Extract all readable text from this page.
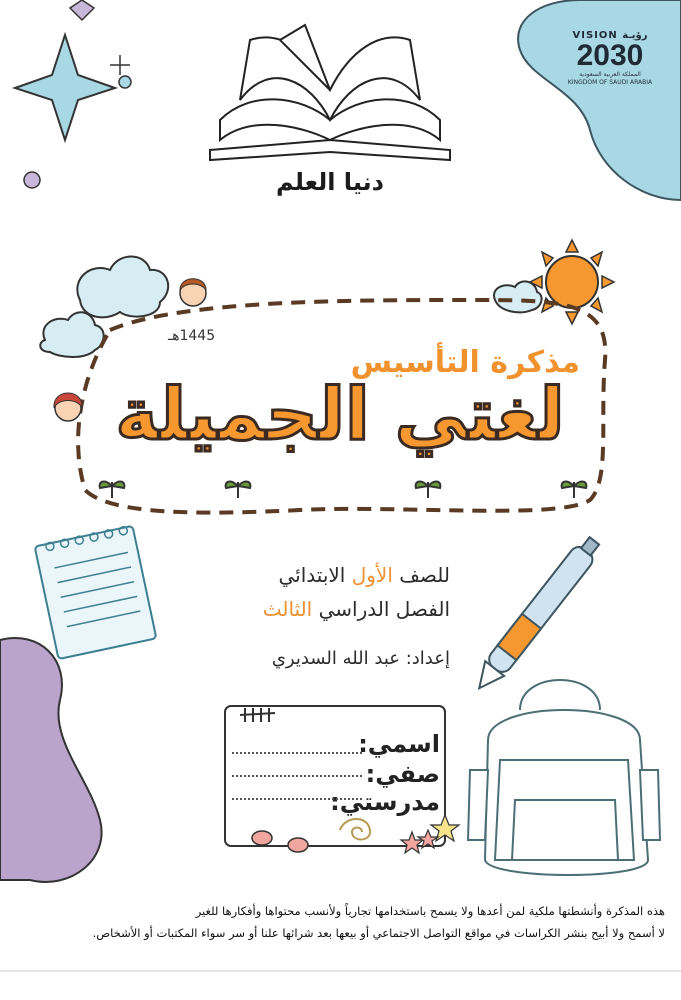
دنيا العلم
VISION رؤيـة
2030
المملكة العربية السعودية
KINGDOM OF SAUDI ARABIA
1445هـ
مذكرة التأسيس
لغتي الجميلة
للصف الأول الابتدائي
الفصل الدراسي الثالث
إعداد: عبد الله السديري
اسمي:
صفي:
مدرستي:
هذه المذكرة وأنشطتها ملكية لمن أعدها ولا يسمح باستخدامها تجارياً ولأنسب محتواها وأفكارها للغير
لا أسمح ولا أبيح بنشر الكراسات في مواقع التواصل الاجتماعي أو بيعها بعد شرائها علنا أو سر سواء المكتبات أو الأشخاص.
